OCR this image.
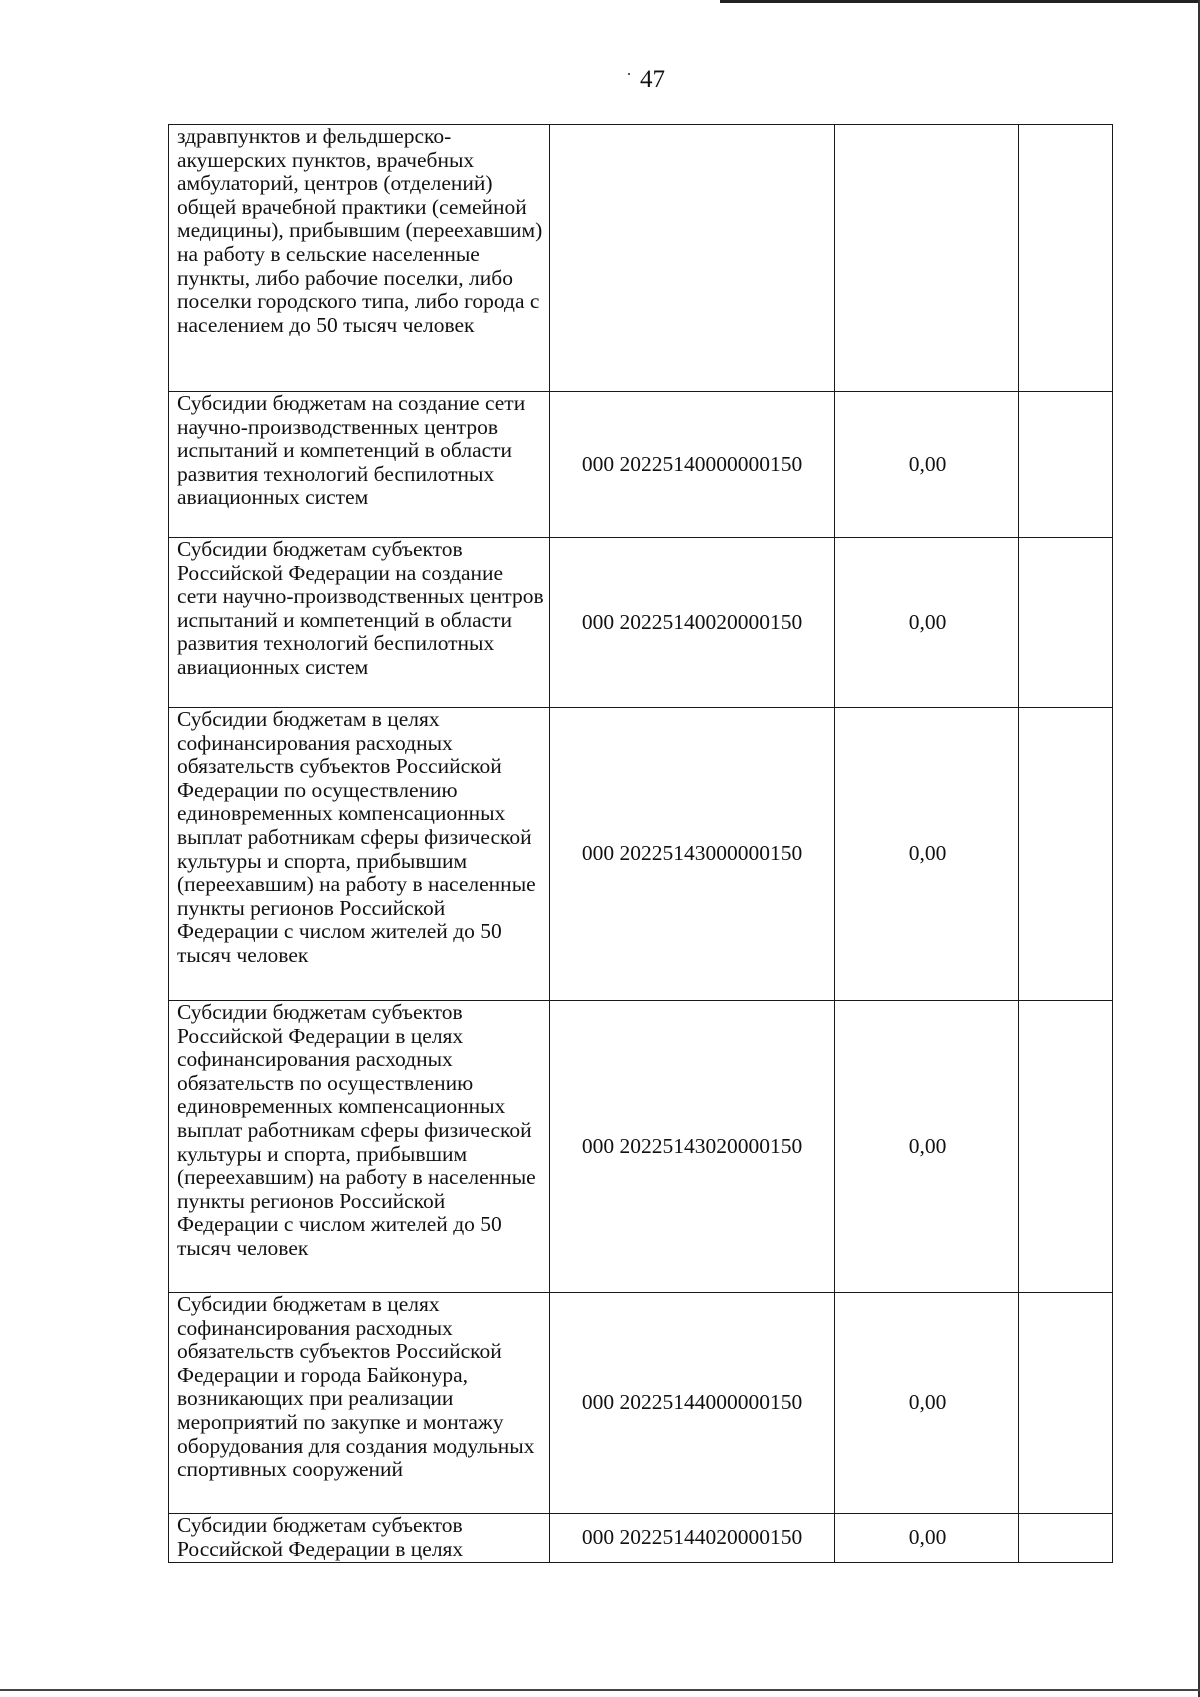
47
здравпунктов и фельдшерско-акушерских пунктов, врачебных амбулаторий, центров (отделений) общей врачебной практики (семейной медицины), прибывшим (переехавшим) на работу в сельские населенные пункты, либо рабочие поселки, либо поселки городского типа, либо города с населением до 50 тысяч человек			
Субсидии бюджетам на создание сети научно-производственных центров испытаний и компетенций в области развития технологий беспилотных авиационных систем	000 20225140000000150	0,00	
Субсидии бюджетам субъектов Российской Федерации на создание сети научно-производственных центров испытаний и компетенций в области развития технологий беспилотных авиационных систем	000 20225140020000150	0,00	
Субсидии бюджетам в целях софинансирования расходных обязательств субъектов Российской Федерации по осуществлению единовременных компенсационных выплат работникам сферы физической культуры и спорта, прибывшим (переехавшим) на работу в населенные пункты регионов Российской Федерации с числом жителей до 50 тысяч человек	000 20225143000000150	0,00	
Субсидии бюджетам субъектов Российской Федерации в целях софинансирования расходных обязательств по осуществлению единовременных компенсационных выплат работникам сферы физической культуры и спорта, прибывшим (переехавшим) на работу в населенные пункты регионов Российской Федерации с числом жителей до 50 тысяч человек	000 20225143020000150	0,00	
Субсидии бюджетам в целях софинансирования расходных обязательств субъектов Российской Федерации и города Байконура, возникающих при реализации мероприятий по закупке и монтажу оборудования для создания модульных спортивных сооружений	000 20225144000000150	0,00	
Субсидии бюджетам субъектов Российской Федерации в целях	000 20225144020000150	0,00	
